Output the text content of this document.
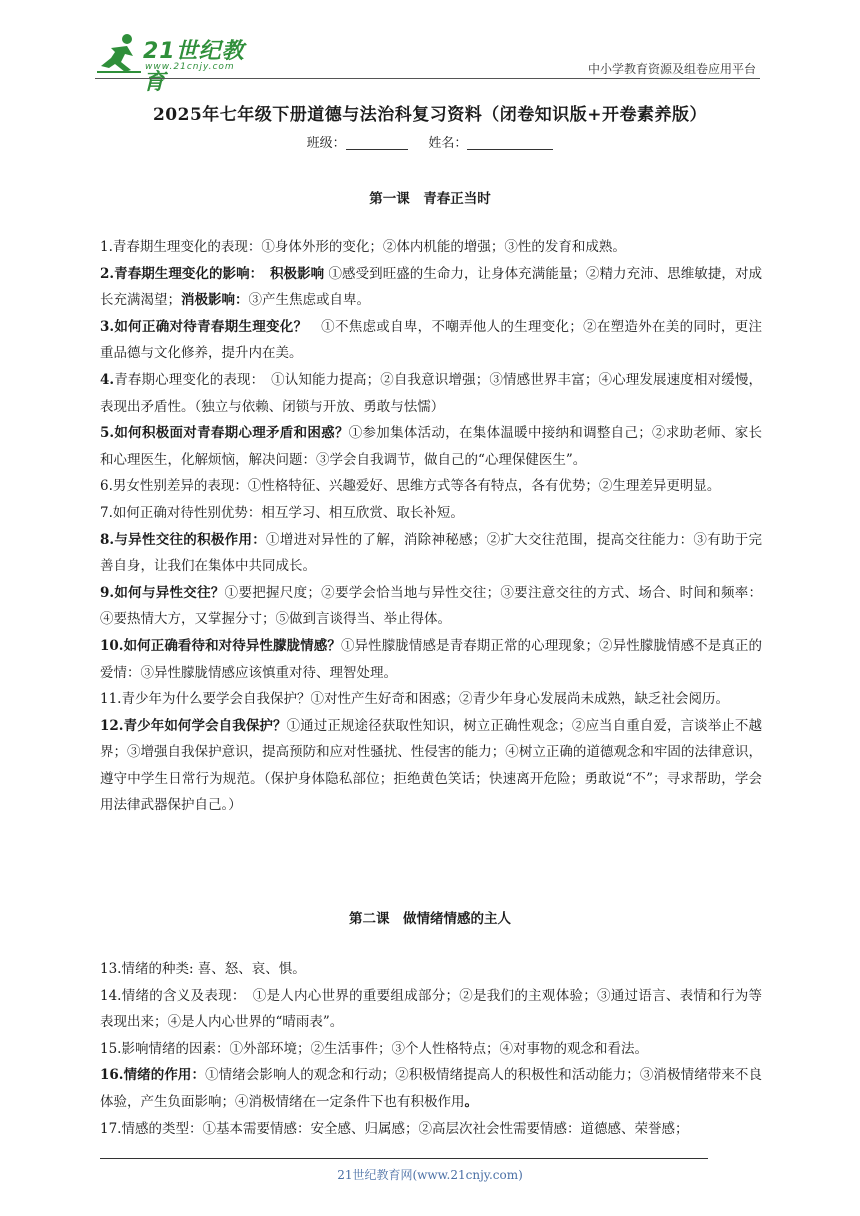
21世纪教育
www.21cnjy.com	中小学教育资源及组卷应用平台
2025年七年级下册道德与法治科复习资料（闭卷知识版+开卷素养版）
班级：	姓名：
第一课　青春正当时

1.青春期生理变化的表现：①身体外形的变化；②体内机能的增强；③性的发育和成熟。

2.青春期生理变化的影响：　积极影响 ①感受到旺盛的生命力，让身体充满能量；②精力充沛、思维敏捷，对成长充满渴望；消极影响：③产生焦虑或自卑。

3.如何正确对待青春期生理变化？　①不焦虑或自卑，不嘲弄他人的生理变化；②在塑造外在美的同时，更注重品德与文化修养，提升内在美。

4.青春期心理变化的表现：　①认知能力提高；②自我意识增强；③情感世界丰富；④心理发展速度相对缓慢，表现出矛盾性。（独立与依赖、闭锁与开放、勇敢与怯懦）

5.如何积极面对青春期心理矛盾和困惑？①参加集体活动，在集体温暖中接纳和调整自己；②求助老师、家长和心理医生，化解烦恼，解决问题：③学会自我调节，做自己的“心理保健医生”。

6.男女性别差异的表现：①性格特征、兴趣爱好、思维方式等各有特点，各有优势；②生理差异更明显。

7.如何正确对待性别优势：相互学习、相互欣赏、取长补短。

8.与异性交往的积极作用：①增进对异性的了解，消除神秘感；②扩大交往范围，提高交往能力：③有助于完善自身，让我们在集体中共同成长。

9.如何与异性交往？①要把握尺度；②要学会恰当地与异性交往；③要注意交往的方式、场合、时间和频率：④要热情大方，又掌握分寸；⑤做到言谈得当、举止得体。

10.如何正确看待和对待异性朦胧情感？①异性朦胧情感是青春期正常的心理现象；②异性朦胧情感不是真正的爱情：③异性朦胧情感应该慎重对待、理智处理。

11.青少年为什么要学会自我保护？①对性产生好奇和困惑；②青少年身心发展尚未成熟，缺乏社会阅历。

12.青少年如何学会自我保护？①通过正规途径获取性知识，树立正确性观念；②应当自重自爱，言谈举止不越界；③增强自我保护意识，提高预防和应对性骚扰、性侵害的能力；④树立正确的道德观念和牢固的法律意识，遵守中学生日常行为规范。（保护身体隐私部位；拒绝黄色笑话；快速离开危险；勇敢说“不”；寻求帮助，学会用法律武器保护自己。）

第二课　做情绪情感的主人

13.情绪的种类: 喜、怒、哀、惧。

14.情绪的含义及表现：　①是人内心世界的重要组成部分；②是我们的主观体验；③通过语言、表情和行为等表现出来；④是人内心世界的“晴雨表”。

15.影响情绪的因素：①外部环境；②生活事件；③个人性格特点；④对事物的观念和看法。

16.情绪的作用：①情绪会影响人的观念和行动；②积极情绪提高人的积极性和活动能力；③消极情绪带来不良体验，产生负面影响；④消极情绪在一定条件下也有积极作用。

17.情感的类型：①基本需要情感：安全感、归属感；②高层次社会性需要情感：道德感、荣誉感；

21世纪教育网(www.21cnjy.com)
